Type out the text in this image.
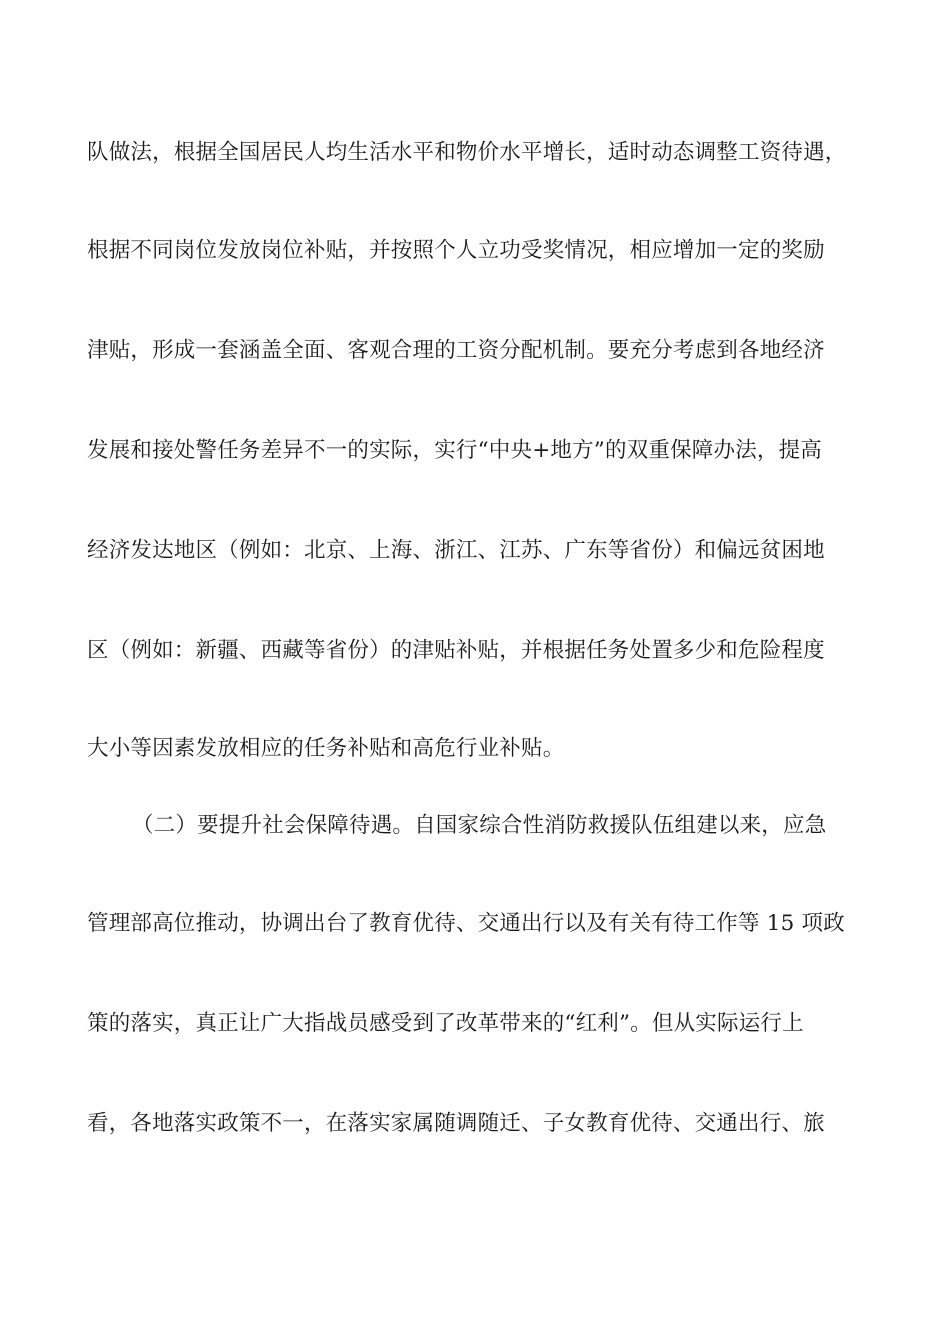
队做法，根据全国居民人均生活水平和物价水平增长，适时动态调整工资待遇，
根据不同岗位发放岗位补贴，并按照个人立功受奖情况，相应增加一定的奖励
津贴，形成一套涵盖全面、客观合理的工资分配机制。要充分考虑到各地经济
发展和接处警任务差异不一的实际，实行“中央+地方”的双重保障办法，提高
经济发达地区（例如：北京、上海、浙江、江苏、广东等省份）和偏远贫困地
区（例如：新疆、西藏等省份）的津贴补贴，并根据任务处置多少和危险程度
大小等因素发放相应的任务补贴和高危行业补贴。
（二）要提升社会保障待遇。自国家综合性消防救援队伍组建以来，应急
管理部高位推动，协调出台了教育优待、交通出行以及有关有待工作等 15 项政
策的落实，真正让广大指战员感受到了改革带来的“红利”。但从实际运行上
看，各地落实政策不一，在落实家属随调随迁、子女教育优待、交通出行、旅
